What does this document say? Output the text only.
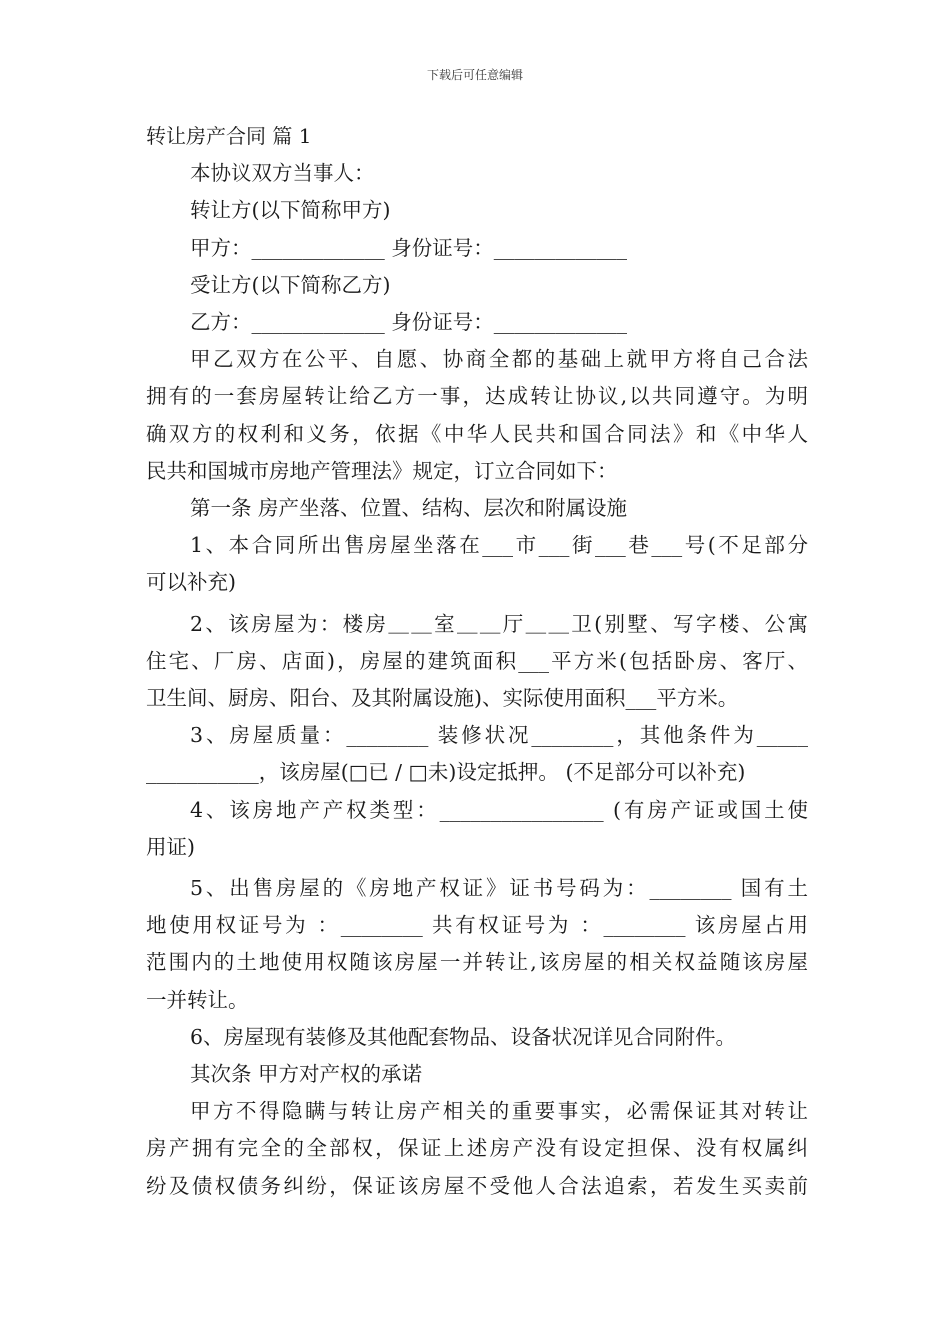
下载后可任意编辑

转让房产合同 篇 1

本协议双方当事人：

转让方(以下简称甲方)

甲方：_____________ 身份证号：_____________

受让方(以下简称乙方)

乙方：_____________ 身份证号：_____________

甲乙双方在公平、自愿、协商全都的基础上就甲方将自己合法

拥有的一套房屋转让给乙方一事，达成转让协议,以共同遵守。为明

确双方的权利和义务，依据《中华人民共和国合同法》和《中华人

民共和国城市房地产管理法》规定，订立合同如下：

第一条 房产坐落、位置、结构、层次和附属设施

1、本合同所出售房屋坐落在___市___街___巷___号(不足部分

可以补充)

2、该房屋为：楼房＿＿室＿＿厅＿＿卫(别墅、写字楼、公寓

住宅、厂房、店面)，房屋的建筑面积___平方米(包括卧房、客厅、

卫生间、厨房、阳台、及其附属设施)、实际使用面积___平方米。

3、房屋质量：________ 装修状况________，其他条件为_____

___________，该房屋(□已 / □未)设定抵押。 (不足部分可以补充)

4、该房地产产权类型：________________ (有房产证或国土使

用证)

5、出售房屋的《房地产权证》证书号码为：________ 国有土

地使用权证号为 ：________ 共有权证号为 ：________ 该房屋占用

范围内的土地使用权随该房屋一并转让,该房屋的相关权益随该房屋

一并转让。

6、房屋现有装修及其他配套物品、设备状况详见合同附件。

其次条 甲方对产权的承诺

甲方不得隐瞒与转让房产相关的重要事实，必需保证其对转让

房产拥有完全的全部权，保证上述房产没有设定担保、没有权属纠

纷及债权债务纠纷，保证该房屋不受他人合法追索，若发生买卖前
